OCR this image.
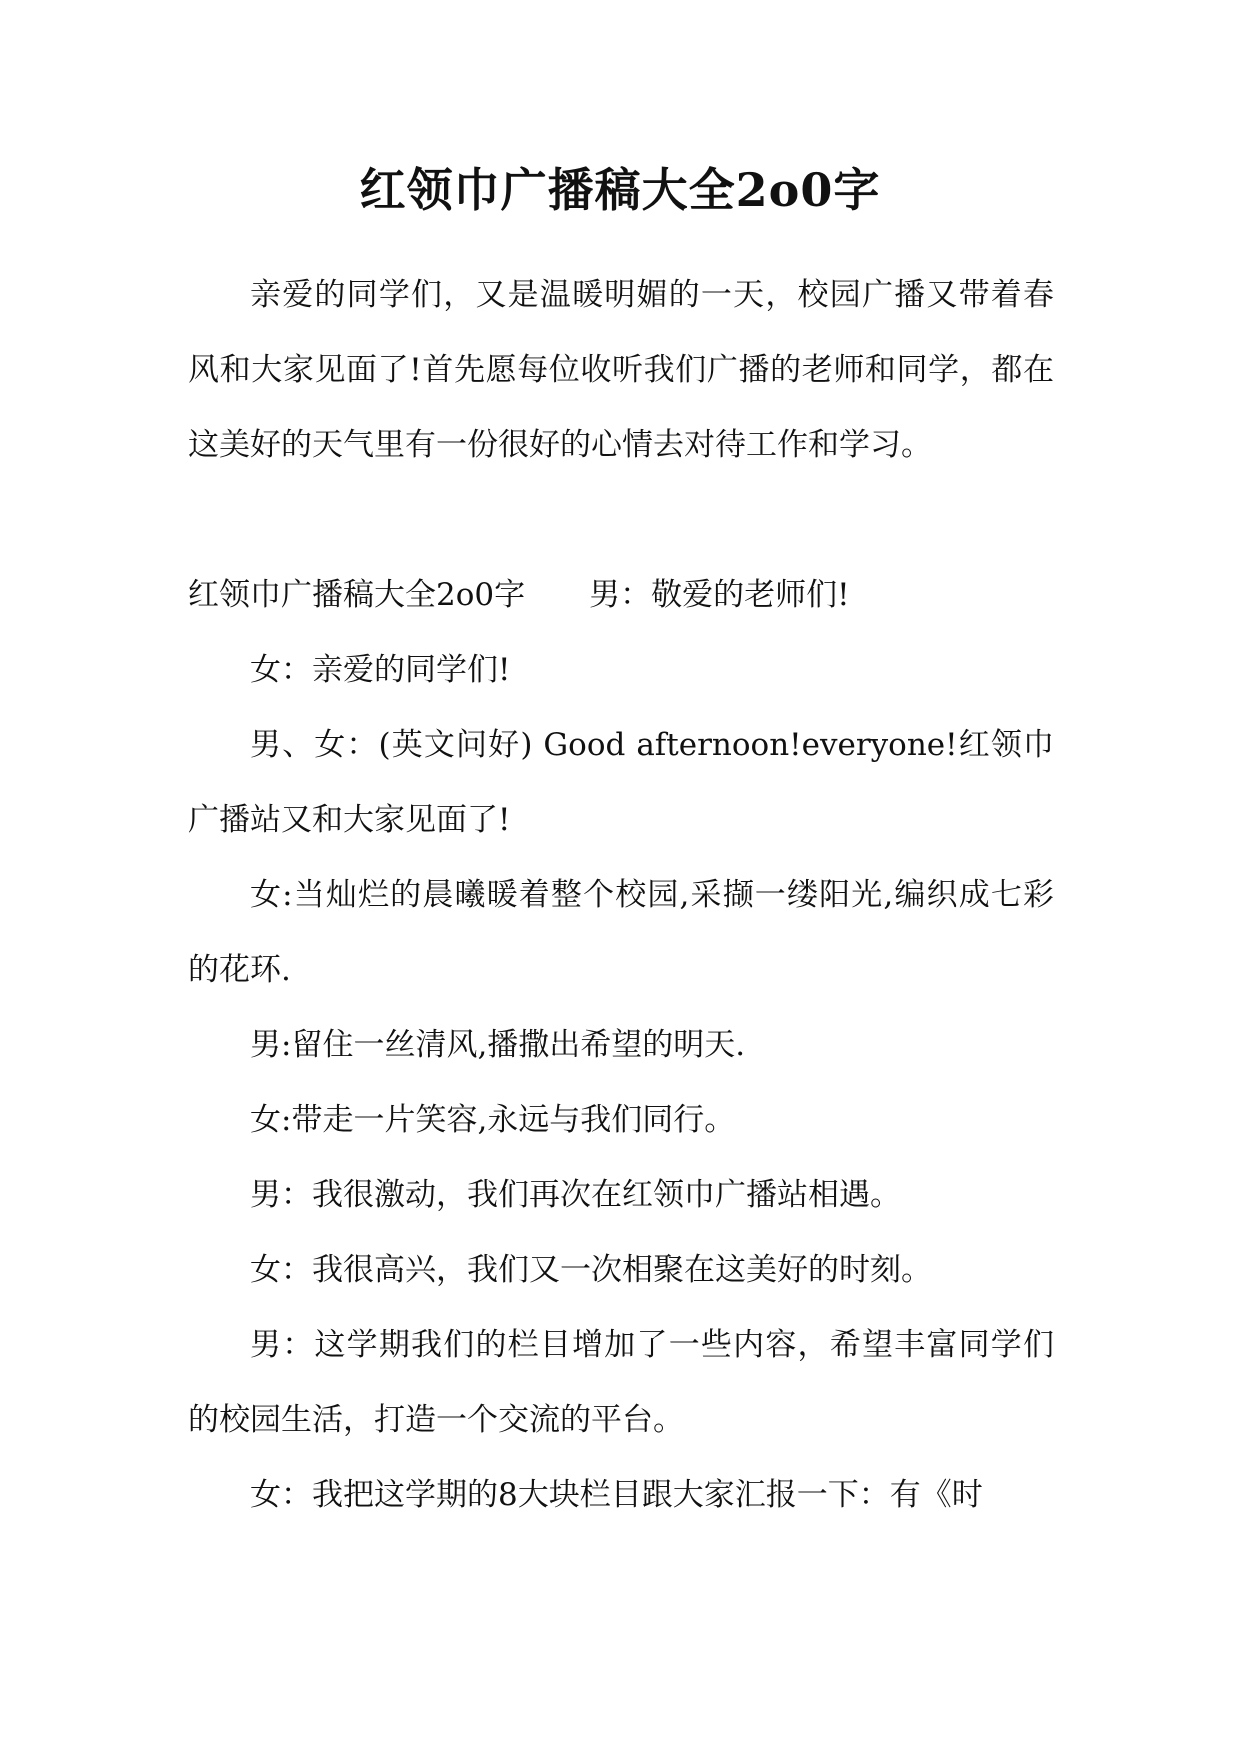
红领巾广播稿大全2o0字

亲爱的同学们，又是温暖明媚的一天，校园广播又带着春风和大家见面了!首先愿每位收听我们广播的老师和同学，都在这美好的天气里有一份很好的心情去对待工作和学习。

红领巾广播稿大全2o0字 男：敬爱的老师们!

女：亲爱的同学们!

男、女：(英文问好) Good afternoon!everyone!红领巾广播站又和大家见面了!

女:当灿烂的晨曦暖着整个校园,采撷一缕阳光,编织成七彩的花环.

男:留住一丝清风,播撒出希望的明天.

女:带走一片笑容,永远与我们同行。

男：我很激动，我们再次在红领巾广播站相遇。

女：我很高兴，我们又一次相聚在这美好的时刻。

男：这学期我们的栏目增加了一些内容，希望丰富同学们的校园生活，打造一个交流的平台。

女：我把这学期的8大块栏目跟大家汇报一下：有《时
